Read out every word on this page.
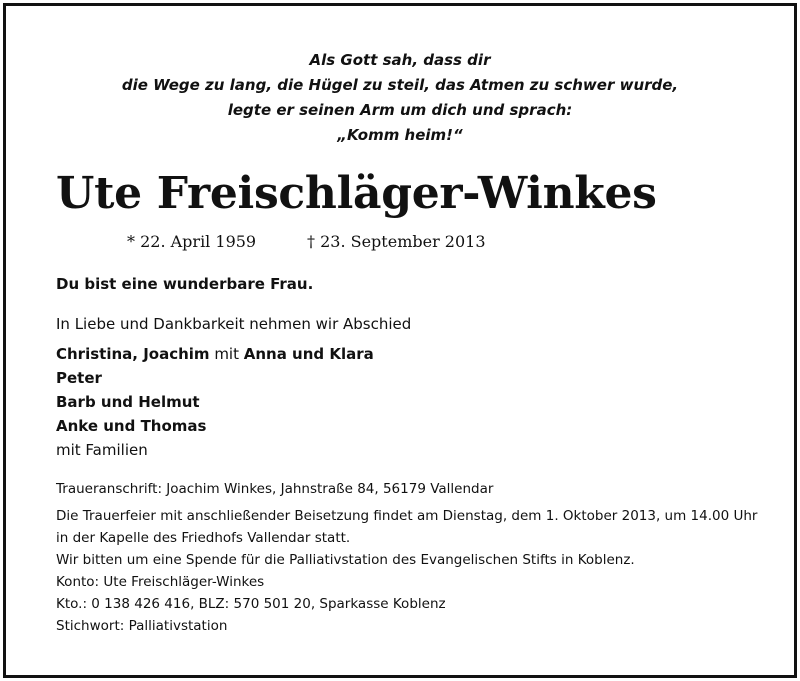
Als Gott sah, dass dir
die Wege zu lang, die Hügel zu steil, das Atmen zu schwer wurde,
legte er seinen Arm um dich und sprach:
„Komm heim!“
Ute Freischläger-Winkes
* 22. April 1959	† 23. September 2013
Du bist eine wunderbare Frau.
In Liebe und Dankbarkeit nehmen wir Abschied
Christina, Joachim mit Anna und Klara
Peter
Barb und Helmut
Anke und Thomas
mit Familien
Traueranschrift: Joachim Winkes, Jahnstraße 84, 56179 Vallendar
Die Trauerfeier mit anschließender Beisetzung findet am Dienstag, dem 1. Oktober 2013, um 14.00 Uhr
in der Kapelle des Friedhofs Vallendar statt.
Wir bitten um eine Spende für die Palliativstation des Evangelischen Stifts in Koblenz.
Konto: Ute Freischläger-Winkes
Kto.: 0 138 426 416, BLZ: 570 501 20, Sparkasse Koblenz
Stichwort: Palliativstation
